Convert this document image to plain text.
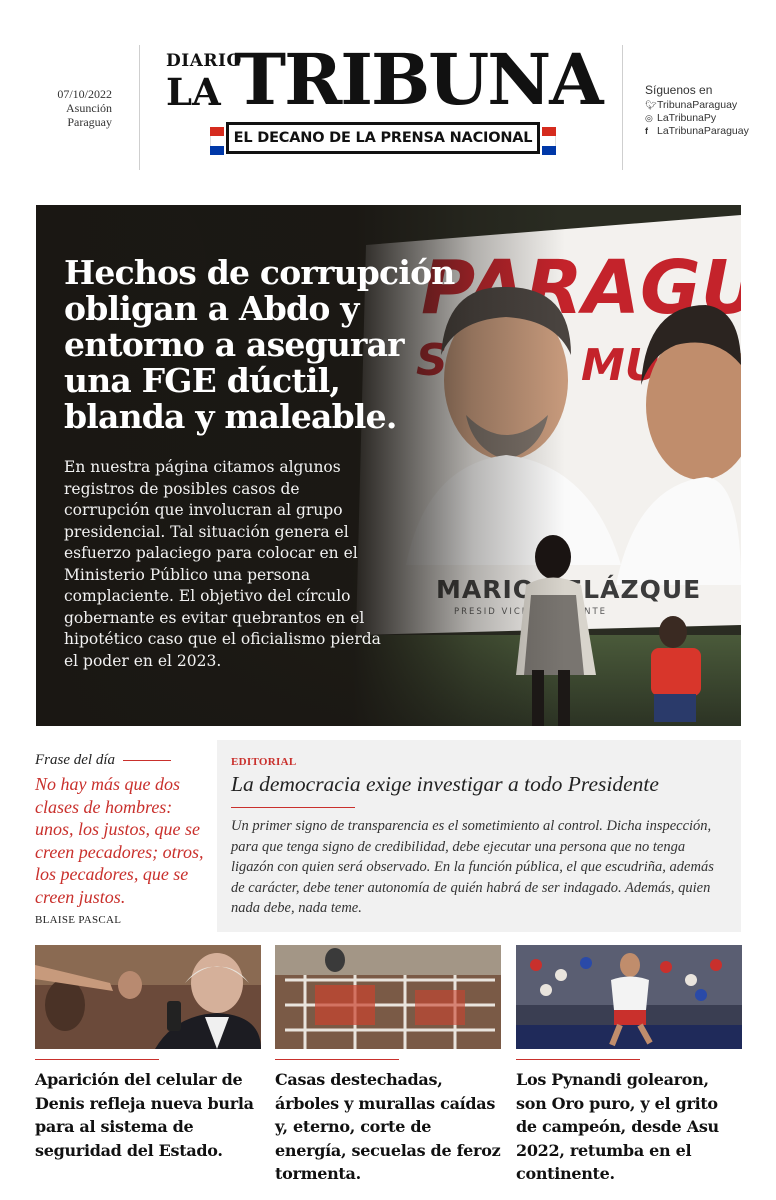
07/10/2022
Asunción
Paraguay
DIARIO
LA TRIBUNA
EL DECANO DE LA PRENSA NACIONAL
Síguenos en
🐦︎TribunaParaguay
◎ LaTribunaPy
f LaTribunaParaguay
Hechos de corrupción obligan a Abdo y entorno a asegurar una FGE dúctil, blanda y maleable.

En nuestra página citamos algunos registros de posibles casos de corrupción que involucran al grupo presidencial. Tal situación genera el esfuerzo palaciego para colocar en el Ministerio Público una persona complaciente. El objetivo del círculo gobernante es evitar quebrantos en el hipotético caso que el oficialismo pierda el poder en el 2023.

Frase del día
No hay más que dos clases de hombres: unos, los justos, que se creen pecadores; otros, los pecadores, que se creen justos.
BLAISE PASCAL
EDITORIAL
La democracia exige investigar a todo Presidente
Un primer signo de transparencia es el sometimiento al control. Dicha inspección, para que tenga signo de credibilidad, debe ejecutar una persona que no tenga ligazón con quien será observado. En la función pública, el que escudriña, además de carácter, debe tener autonomía de quién habrá de ser indagado. Además, quien nada debe, nada teme.
Aparición del celular de Denis refleja nueva burla para al sistema de seguridad del Estado.
Casas destechadas, árboles y murallas caídas y, eterno, corte de energía, secuelas de feroz tormenta.
Los Pynandi golearon, son Oro puro, y el grito de campeón, desde Asu 2022, retumba en el continente.
